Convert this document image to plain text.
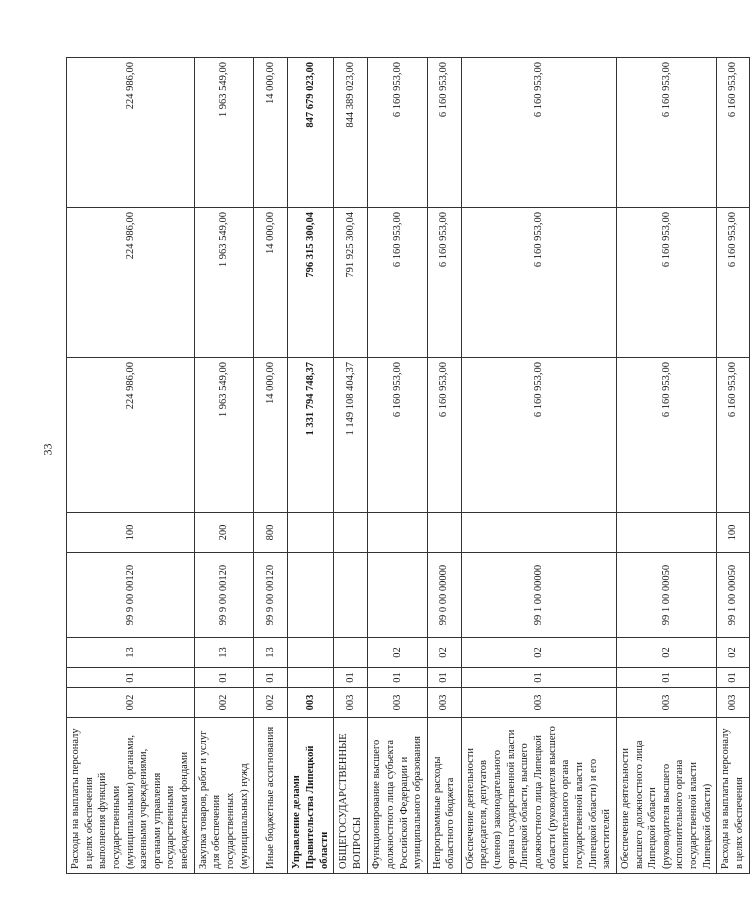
33
Расходы на выплаты персоналу в целях обеспечения выполнения функций государственными (муниципальными) органами, казенными учреждениями, органами управления государственными внебюджетными фондами	002	01	13	99 9 00 00120	100	224 986,00	224 986,00	224 986,00
Закупка товаров, работ и услуг для обеспечения государственных (муниципальных) нужд	002	01	13	99 9 00 00120	200	1 963 549,00	1 963 549,00	1 963 549,00
Иные бюджетные ассигнования	002	01	13	99 9 00 00120	800	14 000,00	14 000,00	14 000,00
Управление делами Правительства Липецкой области	003					1 331 794 748,37	796 315 300,04	847 679 023,00
ОБЩЕГОСУДАРСТВЕННЫЕ ВОПРОСЫ	003	01				1 149 108 404,37	791 925 300,04	844 389 023,00
Функционирование высшего должностного лица субъекта Российской Федерации и муниципального образования	003	01	02			6 160 953,00	6 160 953,00	6 160 953,00
Непрограммные расходы областного бюджета	003	01	02	99 0 00 00000		6 160 953,00	6 160 953,00	6 160 953,00
Обеспечение деятельности председателя, депутатов (членов) законодательного органа государственной власти Липецкой области, высшего должностного лица Липецкой области (руководителя высшего исполнительного органа государственной власти Липецкой области) и его заместителей	003	01	02	99 1 00 00000		6 160 953,00	6 160 953,00	6 160 953,00
Обеспечение деятельности высшего должностного лица Липецкой области (руководителя высшего исполнительного органа государственной власти Липецкой области)	003	01	02	99 1 00 00050		6 160 953,00	6 160 953,00	6 160 953,00
Расходы на выплаты персоналу в целях обеспечения	003	01	02	99 1 00 00050	100	6 160 953,00	6 160 953,00	6 160 953,00
